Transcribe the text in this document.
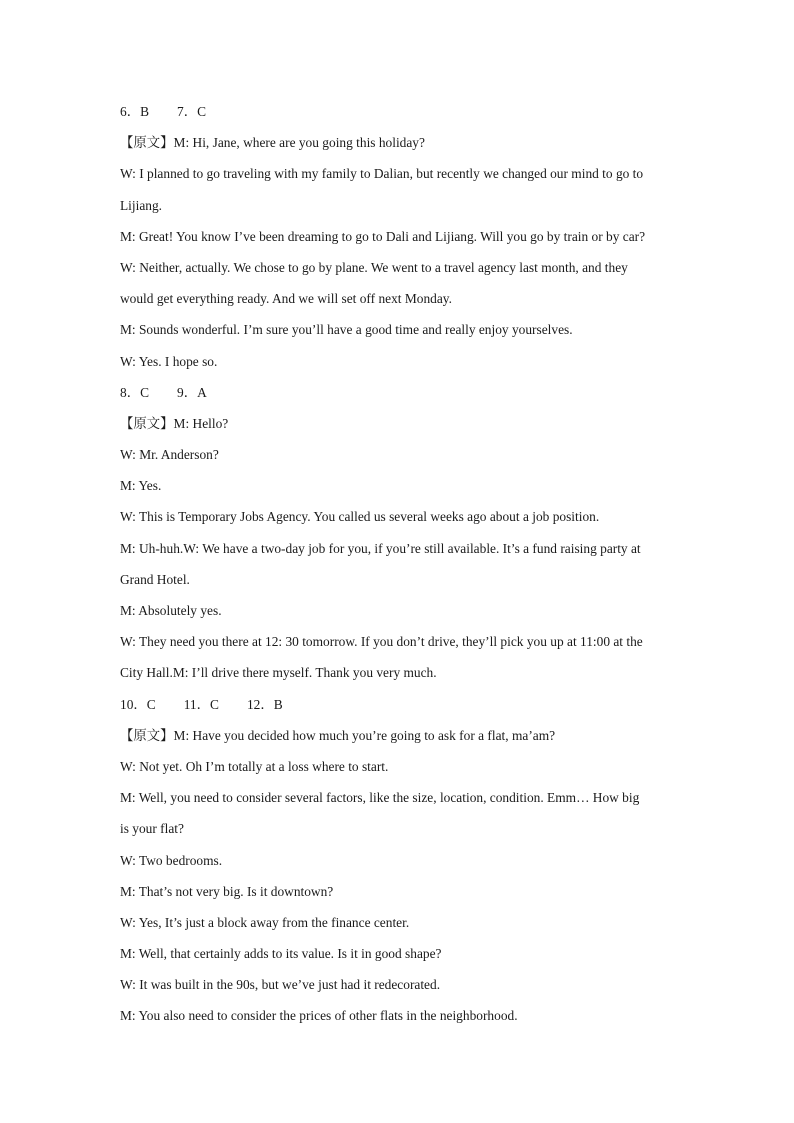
6．B 7．C
【原文】M: Hi, Jane, where are you going this holiday?
W: I planned to go traveling with my family to Dalian, but recently we changed our mind to go to
Lijiang.
M: Great! You know I’ve been dreaming to go to Dali and Lijiang. Will you go by train or by car?
W: Neither, actually. We chose to go by plane. We went to a travel agency last month, and they
would get everything ready. And we will set off next Monday.
M: Sounds wonderful. I’m sure you’ll have a good time and really enjoy yourselves.
W: Yes. I hope so.
8．C 9．A
【原文】M: Hello?
W: Mr. Anderson?
M: Yes.
W: This is Temporary Jobs Agency. You called us several weeks ago about a job position.
M: Uh-huh.W: We have a two-day job for you, if you’re still available. It’s a fund raising party at
Grand Hotel.
M: Absolutely yes.
W: They need you there at 12: 30 tomorrow. If you don’t drive, they’ll pick you up at 11:00 at the
City Hall.M: I’ll drive there myself. Thank you very much.
10．C 11．C 12．B
【原文】M: Have you decided how much you’re going to ask for a flat, ma’am?
W: Not yet. Oh I’m totally at a loss where to start.
M: Well, you need to consider several factors, like the size, location, condition. Emm… How big
is your flat?
W: Two bedrooms.
M: That’s not very big. Is it downtown?
W: Yes, It’s just a block away from the finance center.
M: Well, that certainly adds to its value. Is it in good shape?
W: It was built in the 90s, but we’ve just had it redecorated.
M: You also need to consider the prices of other flats in the neighborhood.
